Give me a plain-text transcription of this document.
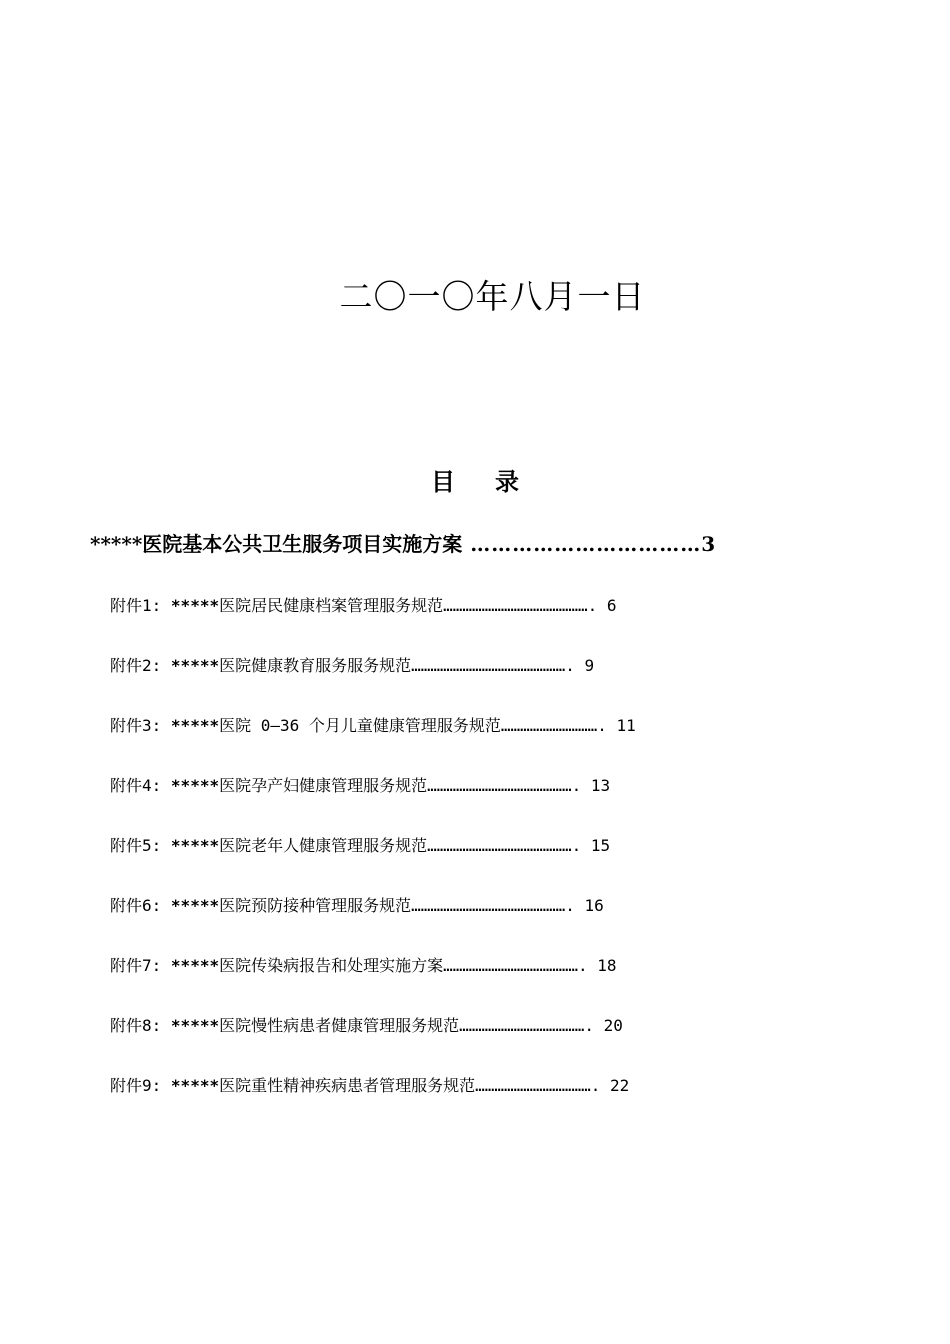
二〇一〇年八月一日
目录
*****医院基本公共卫生服务项目实施方案 ……………………………3
附件1: *****医院居民健康档案管理服务规范………………………………………. 6
附件2: *****医院健康教育服务服务规范…………………………………………. 9
附件3: *****医院 0—36 个月儿童健康管理服务规范…………………………. 11
附件4: *****医院孕产妇健康管理服务规范………………………………………. 13
附件5: *****医院老年人健康管理服务规范………………………………………. 15
附件6: *****医院预防接种管理服务规范…………………………………………. 16
附件7: *****医院传染病报告和处理实施方案……………………………………. 18
附件8: *****医院慢性病患者健康管理服务规范…………………………………. 20
附件9: *****医院重性精神疾病患者管理服务规范………………………………. 22
